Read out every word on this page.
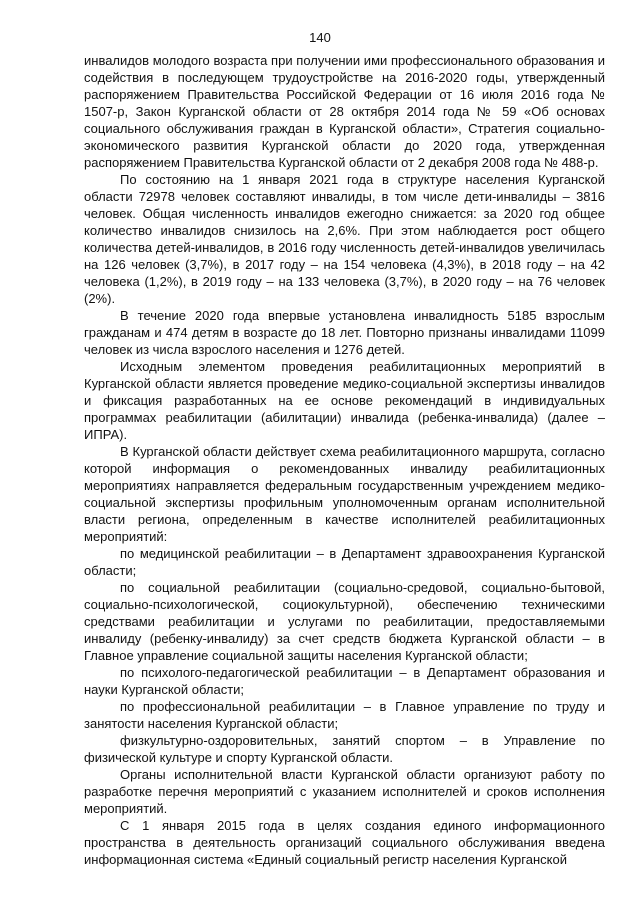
140

инвалидов молодого возраста при получении ими профессионального образования и содействия в последующем трудоустройстве на 2016-2020 годы, утвержденный распоряжением Правительства Российской Федерации от 16 июля 2016 года № 1507-р, Закон Курганской области от 28 октября 2014 года № 59 «Об основах социального обслуживания граждан в Курганской области», Стратегия социально-экономического развития Курганской области до 2020 года, утвержденная распоряжением Правительства Курганской области от 2 декабря 2008 года № 488-р.

По состоянию на 1 января 2021 года в структуре населения Курганской области 72978 человек составляют инвалиды, в том числе дети-инвалиды – 3816 человек. Общая численность инвалидов ежегодно снижается: за 2020 год общее количество инвалидов снизилось на 2,6%. При этом наблюдается рост общего количества детей-инвалидов, в 2016 году численность детей-инвалидов увеличилась на 126 человек (3,7%), в 2017 году – на 154 человека (4,3%), в 2018 году – на 42 человека (1,2%), в 2019 году – на 133 человека (3,7%), в 2020 году – на 76 человек (2%).

В течение 2020 года впервые установлена инвалидность 5185 взрослым гражданам и 474 детям в возрасте до 18 лет. Повторно признаны инвалидами 11099 человек из числа взрослого населения и 1276 детей.

Исходным элементом проведения реабилитационных мероприятий в Курганской области является проведение медико-социальной экспертизы инвалидов и фиксация разработанных на ее основе рекомендаций в индивидуальных программах реабилитации (абилитации) инвалида (ребенка-инвалида) (далее – ИПРА).

В Курганской области действует схема реабилитационного маршрута, согласно которой информация о рекомендованных инвалиду реабилитационных мероприятиях направляется федеральным государственным учреждением медико-социальной экспертизы профильным уполномоченным органам исполнительной власти региона, определенным в качестве исполнителей реабилитационных мероприятий:

по медицинской реабилитации – в Департамент здравоохранения Курганской области;

по социальной реабилитации (социально-средовой, социально-бытовой, социально-психологической, социокультурной), обеспечению техническими средствами реабилитации и услугами по реабилитации, предоставляемыми инвалиду (ребенку-инвалиду) за счет средств бюджета Курганской области – в Главное управление социальной защиты населения Курганской области;

по психолого-педагогической реабилитации – в Департамент образования и науки Курганской области;

по профессиональной реабилитации – в Главное управление по труду и занятости населения Курганской области;

физкультурно-оздоровительных, занятий спортом – в Управление по физической культуре и спорту Курганской области.

Органы исполнительной власти Курганской области организуют работу по разработке перечня мероприятий с указанием исполнителей и сроков исполнения мероприятий.

С 1 января 2015 года в целях создания единого информационного пространства в деятельность организаций социального обслуживания введена информационная система «Единый социальный регистр населения Курганской
